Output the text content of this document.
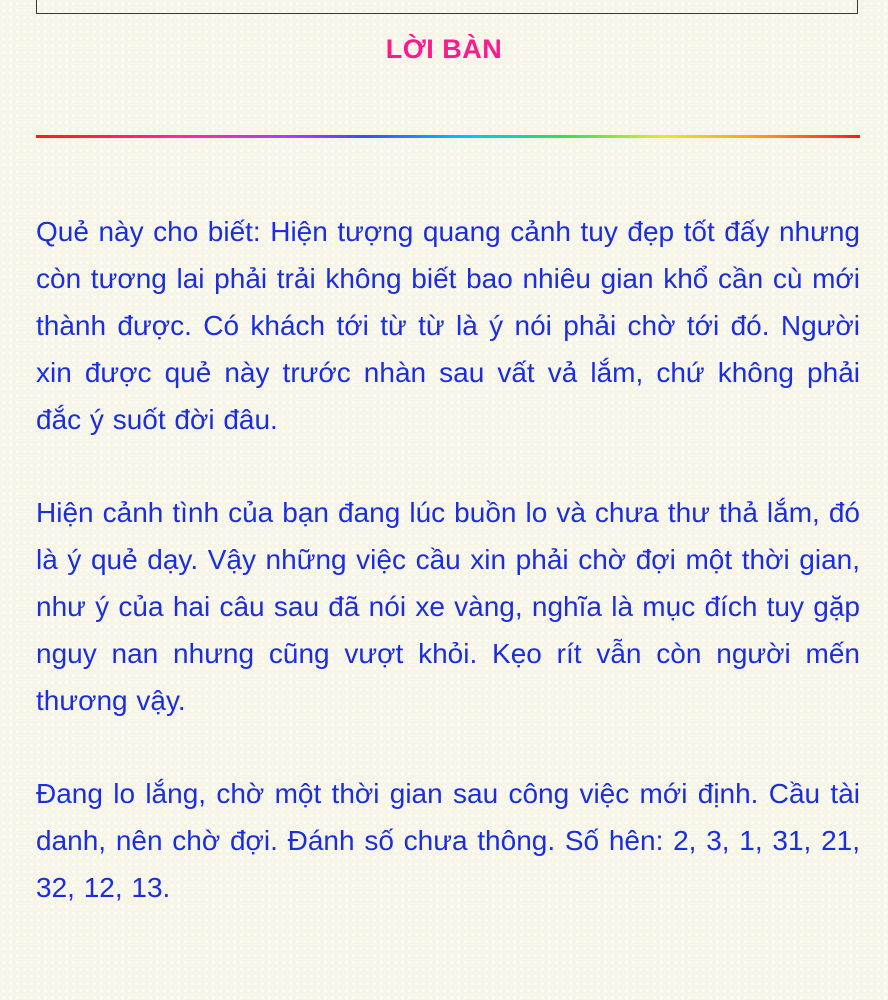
LỜI BÀN

Quẻ này cho biết: Hiện tượng quang cảnh tuy đẹp tốt đấy nhưng còn tương lai phải trải không biết bao nhiêu gian khổ cần cù mới thành được. Có khách tới từ từ là ý nói phải chờ tới đó. Người xin được quẻ này trước nhàn sau vất vả lắm, chứ không phải đắc ý suốt đời đâu.

Hiện cảnh tình của bạn đang lúc buồn lo và chưa thư thả lắm, đó là ý quẻ dạy. Vậy những việc cầu xin phải chờ đợi một thời gian, như ý của hai câu sau đã nói xe vàng, nghĩa là mục đích tuy gặp nguy nan nhưng cũng vượt khỏi. Kẹo rít vẫn còn người mến thương vậy.

Đang lo lắng, chờ một thời gian sau công việc mới định. Cầu tài danh, nên chờ đợi. Đánh số chưa thông. Số hên: 2, 3, 1, 31, 21, 32, 12, 13.
